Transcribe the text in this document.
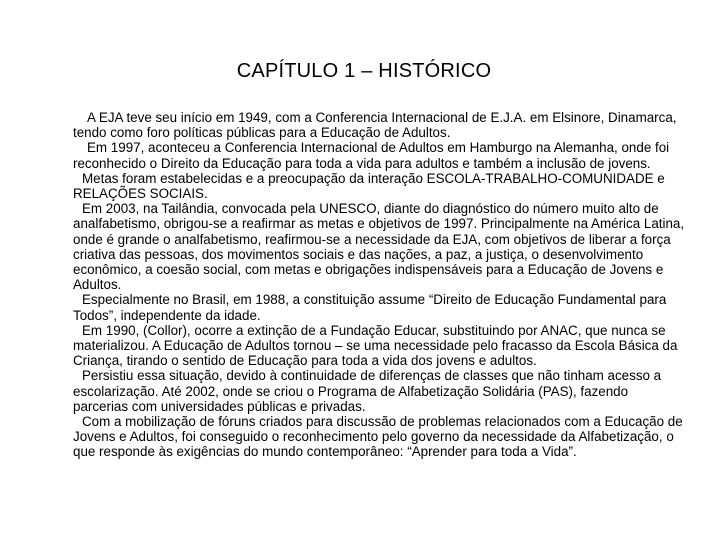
CAPÍTULO 1 – HISTÓRICO

A EJA teve seu início em 1949, com a Conferencia Internacional de E.J.A. em Elsinore, Dinamarca, tendo como foro políticas públicas para a Educação de Adultos.

Em 1997, aconteceu a Conferencia Internacional de Adultos em Hamburgo na Alemanha, onde foi reconhecido o Direito da Educação para toda a vida para adultos e também a inclusão de jovens.

Metas foram estabelecidas e a preocupação da interação ESCOLA-TRABALHO-COMUNIDADE e RELAÇÕES SOCIAIS.

Em 2003, na Tailândia, convocada pela UNESCO, diante do diagnóstico do número muito alto de analfabetismo, obrigou-se a reafirmar as metas e objetivos de 1997. Principalmente na América Latina, onde é grande o analfabetismo, reafirmou-se a necessidade da EJA, com objetivos de liberar a força criativa das pessoas, dos movimentos sociais e das nações, a paz, a justiça, o desenvolvimento econômico, a coesão social, com metas e obrigações indispensáveis para a Educação de Jovens e Adultos.

Especialmente no Brasil, em 1988, a constituição assume “Direito de Educação Fundamental para Todos”, independente da idade.

Em 1990, (Collor), ocorre a extinção de a Fundação Educar, substituindo por ANAC, que nunca se materializou. A Educação de Adultos tornou – se uma necessidade pelo fracasso da Escola Básica da Criança, tirando o sentido de Educação para toda a vida dos jovens e adultos.

Persistiu essa situação, devido à continuidade de diferenças de classes que não tinham acesso a escolarização. Até 2002, onde se criou o Programa de Alfabetização Solidária (PAS), fazendo parcerias com universidades públicas e privadas.

Com a mobilização de fóruns criados para discussão de problemas relacionados com a Educação de Jovens e Adultos, foi conseguido o reconhecimento pelo governo da necessidade da Alfabetização, o que responde às exigências do mundo contemporâneo: “Aprender para toda a Vida”.
